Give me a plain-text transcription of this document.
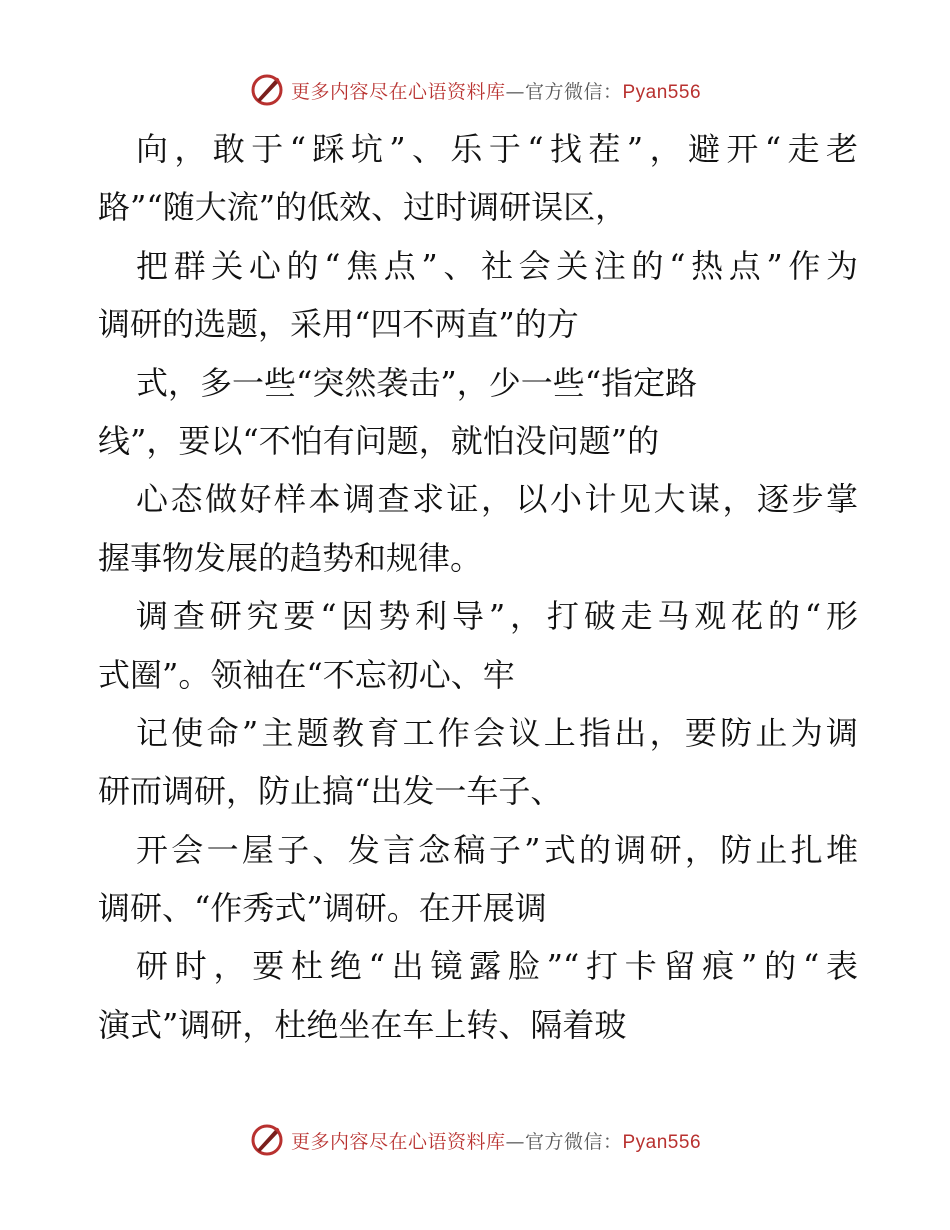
更多内容尽在心语资料库—官方微信：Pyan556
向，敢于“踩坑”、乐于“找茬”，避开“走老
路”“随大流”的低效、过时调研误区，
把群关心的“焦点”、社会关注的“热点”作为
调研的选题，采用“四不两直”的方
式，多一些“突然袭击”，少一些“指定路
线”，要以“不怕有问题，就怕没问题”的
心态做好样本调查求证，以小计见大谋，逐步掌
握事物发展的趋势和规律。
调查研究要“因势利导”，打破走马观花的“形
式圈”。领袖在“不忘初心、牢
记使命”主题教育工作会议上指出，要防止为调
研而调研，防止搞“出发一车子、
开会一屋子、发言念稿子”式的调研，防止扎堆
调研、“作秀式”调研。在开展调
研时，要杜绝“出镜露脸”“打卡留痕”的“表
演式”调研，杜绝坐在车上转、隔着玻
更多内容尽在心语资料库—官方微信：Pyan556
